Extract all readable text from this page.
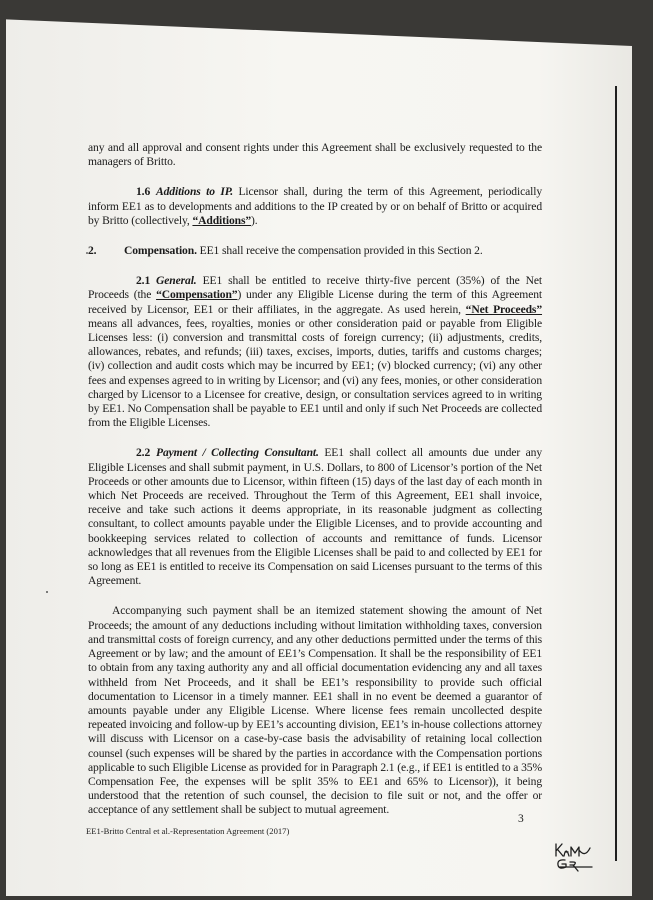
any and all approval and consent rights under this Agreement shall be exclusively requested to the managers of Britto.

1.6 Additions to IP. Licensor shall, during the term of this Agreement, periodically inform EE1 as to developments and additions to the IP created by or on behalf of Britto or acquired by Britto (collectively, “Additions”).

2. Compensation. EE1 shall receive the compensation provided in this Section 2.

2.1 General. EE1 shall be entitled to receive thirty-five percent (35%) of the Net Proceeds (the “Compensation”) under any Eligible License during the term of this Agreement received by Licensor, EE1 or their affiliates, in the aggregate. As used herein, “Net Proceeds” means all advances, fees, royalties, monies or other consideration paid or payable from Eligible Licenses less: (i) conversion and transmittal costs of foreign currency; (ii) adjustments, credits, allowances, rebates, and refunds; (iii) taxes, excises, imports, duties, tariffs and customs charges; (iv) collection and audit costs which may be incurred by EE1; (v) blocked currency; (vi) any other fees and expenses agreed to in writing by Licensor; and (vi) any fees, monies, or other consideration charged by Licensor to a Licensee for creative, design, or consultation services agreed to in writing by EE1. No Compensation shall be payable to EE1 until and only if such Net Proceeds are collected from the Eligible Licenses.

2.2 Payment / Collecting Consultant. EE1 shall collect all amounts due under any Eligible Licenses and shall submit payment, in U.S. Dollars, to 800 of Licensor’s portion of the Net Proceeds or other amounts due to Licensor, within fifteen (15) days of the last day of each month in which Net Proceeds are received. Throughout the Term of this Agreement, EE1 shall invoice, receive and take such actions it deems appropriate, in its reasonable judgment as collecting consultant, to collect amounts payable under the Eligible Licenses, and to provide accounting and bookkeeping services related to collection of accounts and remittance of funds. Licensor acknowledges that all revenues from the Eligible Licenses shall be paid to and collected by EE1 for so long as EE1 is entitled to receive its Compensation on said Licenses pursuant to the terms of this Agreement.

Accompanying such payment shall be an itemized statement showing the amount of Net Proceeds; the amount of any deductions including without limitation withholding taxes, conversion and transmittal costs of foreign currency, and any other deductions permitted under the terms of this Agreement or by law; and the amount of EE1’s Compensation. It shall be the responsibility of EE1 to obtain from any taxing authority any and all official documentation evidencing any and all taxes withheld from Net Proceeds, and it shall be EE1’s responsibility to provide such official documentation to Licensor in a timely manner. EE1 shall in no event be deemed a guarantor of amounts payable under any Eligible License. Where license fees remain uncollected despite repeated invoicing and follow-up by EE1’s accounting division, EE1’s in-house collections attorney will discuss with Licensor on a case-by-case basis the advisability of retaining local collection counsel (such expenses will be shared by the parties in accordance with the Compensation portions applicable to such Eligible License as provided for in Paragraph 2.1 (e.g., if EE1 is entitled to a 35% Compensation Fee, the expenses will be split 35% to EE1 and 65% to Licensor)), it being understood that the retention of such counsel, the decision to file suit or not, and the offer or acceptance of any settlement shall be subject to mutual agreement.

EE1-Britto Central et al.-Representation Agreement (2017)
3
